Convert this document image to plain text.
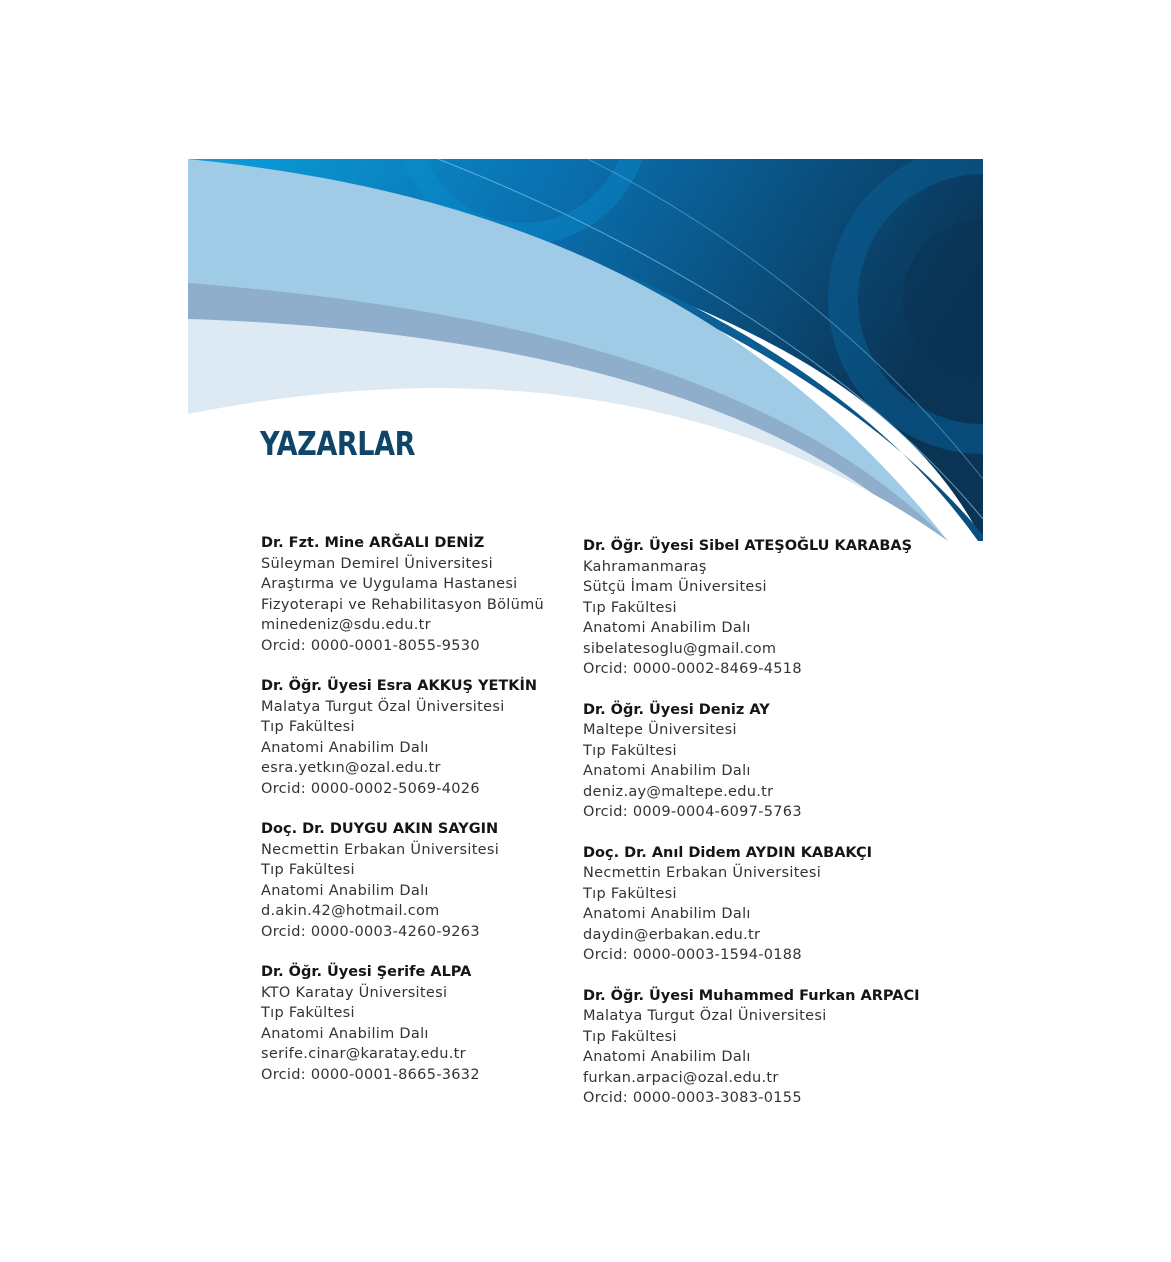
YAZARLAR
Dr. Fzt. Mine ARĞALI DENİZ
Süleyman Demirel Üniversitesi
Araştırma ve Uygulama Hastanesi
Fizyoterapi ve Rehabilitasyon Bölümü
minedeniz@sdu.edu.tr
Orcid: 0000-0001-8055-9530
Dr. Öğr. Üyesi Esra AKKUŞ YETKİN
Malatya Turgut Özal Üniversitesi
Tıp Fakültesi
Anatomi Anabilim Dalı
esra.yetkın@ozal.edu.tr
Orcid: 0000-0002-5069-4026
Doç. Dr. DUYGU AKIN SAYGIN
Necmettin Erbakan Üniversitesi
Tıp Fakültesi
Anatomi Anabilim Dalı
d.akin.42@hotmail.com
Orcid: 0000-0003-4260-9263
Dr. Öğr. Üyesi Şerife ALPA
KTO Karatay Üniversitesi
Tıp Fakültesi
Anatomi Anabilim Dalı
serife.cinar@karatay.edu.tr
Orcid: 0000-0001-8665-3632
Dr. Öğr. Üyesi Sibel ATEŞOĞLU KARABAŞ
Kahramanmaraş
Sütçü İmam Üniversitesi
Tıp Fakültesi
Anatomi Anabilim Dalı
sibelatesoglu@gmail.com
Orcid: 0000-0002-8469-4518
Dr. Öğr. Üyesi Deniz AY
Maltepe Üniversitesi
Tıp Fakültesi
Anatomi Anabilim Dalı
deniz.ay@maltepe.edu.tr
Orcid: 0009-0004-6097-5763
Doç. Dr. Anıl Didem AYDIN KABAKÇI
Necmettin Erbakan Üniversitesi
Tıp Fakültesi
Anatomi Anabilim Dalı
daydin@erbakan.edu.tr
Orcid: 0000-0003-1594-0188
Dr. Öğr. Üyesi Muhammed Furkan ARPACI
Malatya Turgut Özal Üniversitesi
Tıp Fakültesi
Anatomi Anabilim Dalı
furkan.arpaci@ozal.edu.tr
Orcid: 0000-0003-3083-0155
